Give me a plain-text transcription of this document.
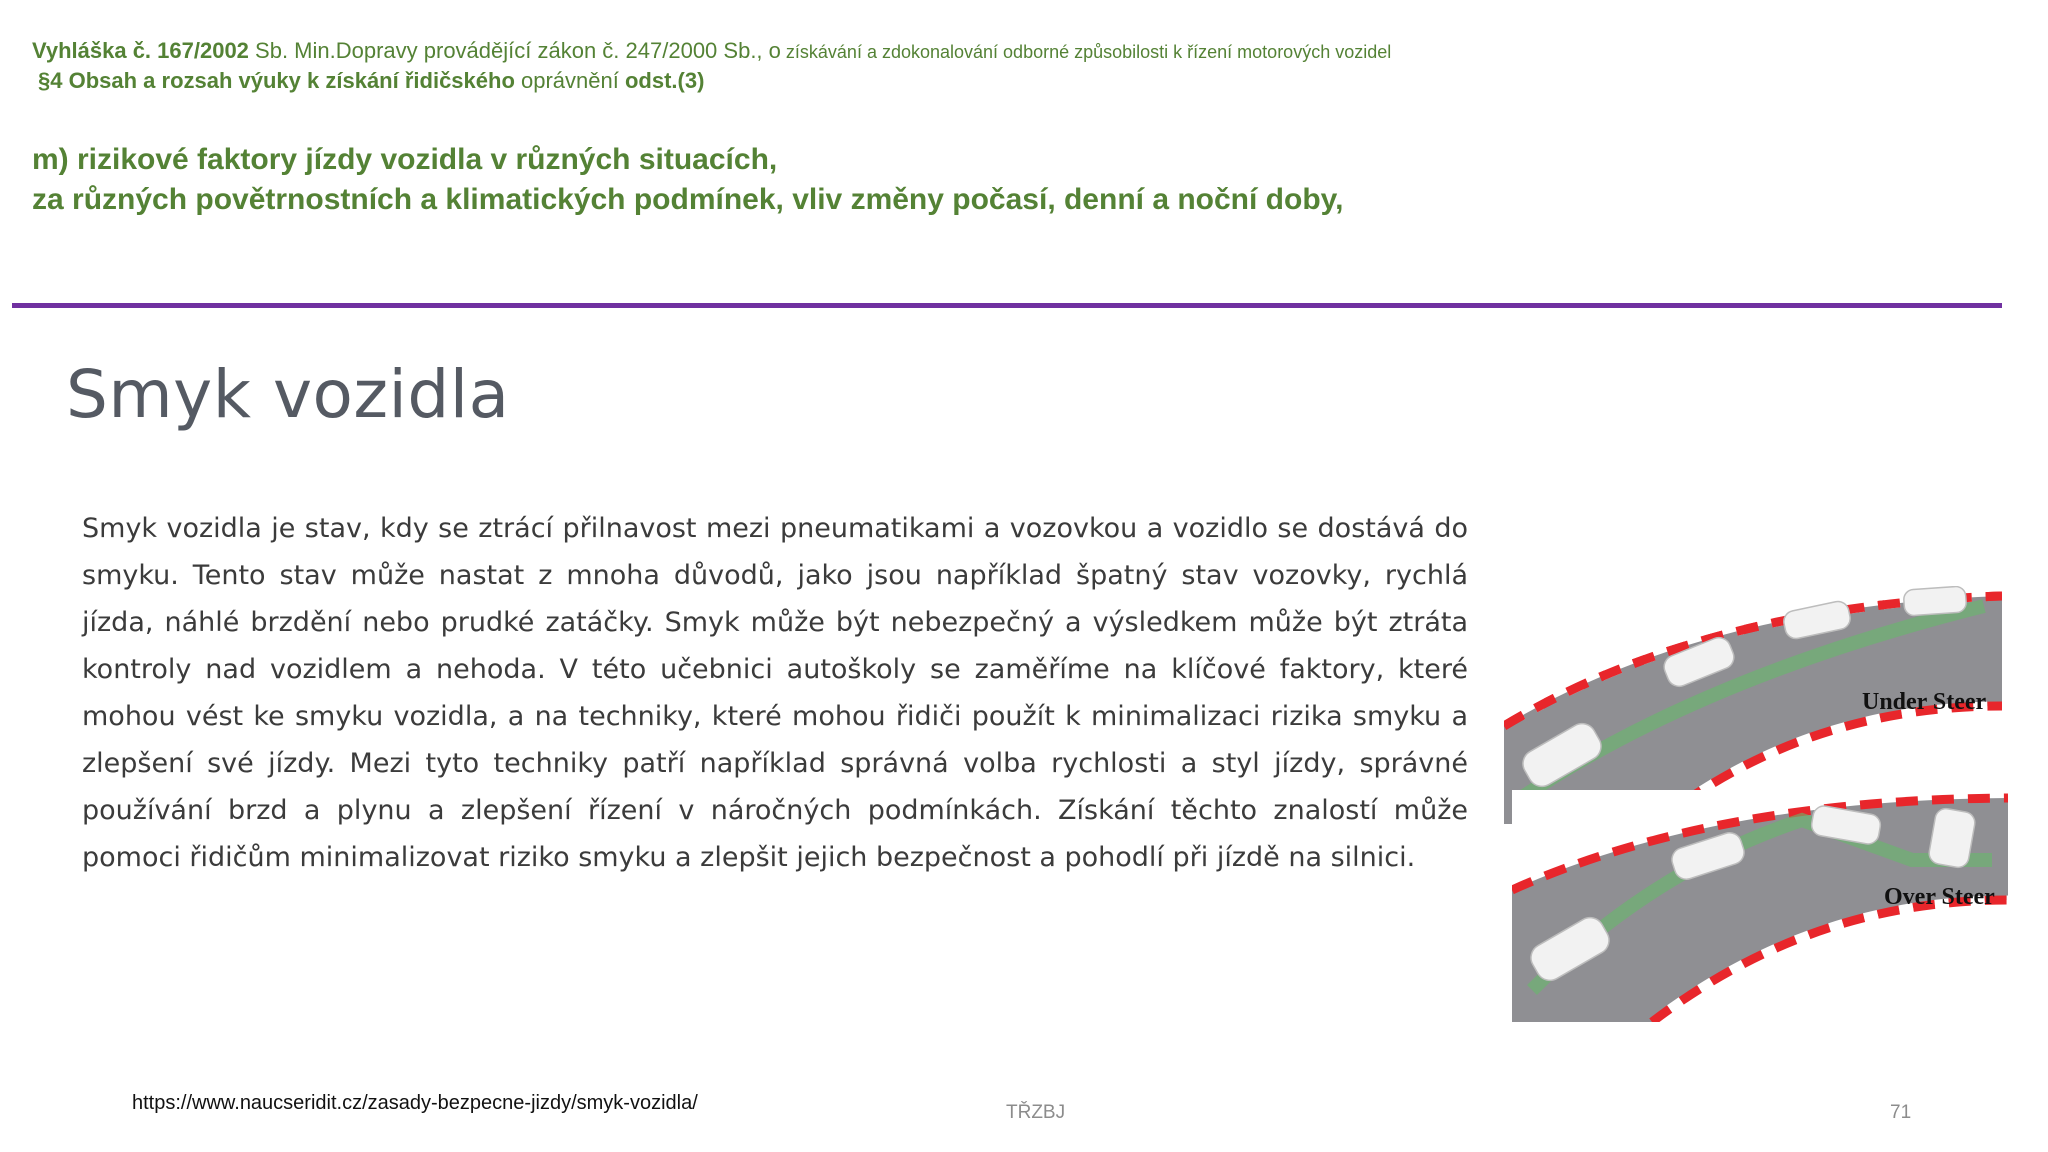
Vyhláška č. 167/2002 Sb. Min.Dopravy provádějící zákon č. 247/2000 Sb., o získávání a zdokonalování odborné způsobilosti k řízení motorových vozidel
§4 Obsah a rozsah výuky k získání řidičského oprávnění odst.(3)
m) rizikové faktory jízdy vozidla v různých situacích,
za různých povětrnostních a klimatických podmínek, vliv změny počasí, denní a noční doby,
Smyk vozidla

Smyk vozidla je stav, kdy se ztrácí přilnavost mezi pneumatikami a vozovkou a vozidlo se dostává do smyku. Tento stav může nastat z mnoha důvodů, jako jsou například špatný stav vozovky, rychlá jízda, náhlé brzdění nebo prudké zatáčky. Smyk může být nebezpečný a výsledkem může být ztráta kontroly nad vozidlem a nehoda. V této učebnici autoškoly se zaměříme na klíčové faktory, které mohou vést ke smyku vozidla, a na techniky, které mohou řidiči použít k minimalizaci rizika smyku a zlepšení své jízdy. Mezi tyto techniky patří například správná volba rychlosti a styl jízdy, správné používání brzd a plynu a zlepšení řízení v náročných podmínkách. Získání těchto znalostí může pomoci řidičům minimalizovat riziko smyku a zlepšit jejich bezpečnost a pohodlí při jízdě na silnici.

Under Steer
Over Steer
https://www.naucseridit.cz/zasady-bezpecne-jizdy/smyk-vozidla/	TŘZBJ	71
